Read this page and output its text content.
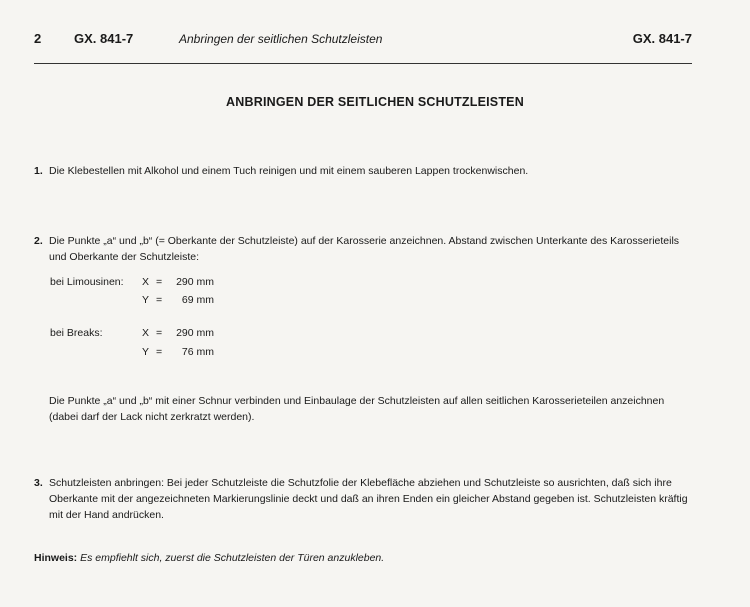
2	GX. 841-7	Anbringen der seitlichen Schutzleisten	GX. 841-7
ANBRINGEN DER SEITLICHEN SCHUTZLEISTEN
1. Die Klebestellen mit Alkohol und einem Tuch reinigen und mit einem sauberen Lappen trockenwischen.
2. Die Punkte „a“ und „b“ (= Oberkante der Schutzleiste) auf der Karosserie anzeichnen. Abstand zwischen Unterkante des Karosserieteils und Oberkante der Schutzleiste:
bei Limousinen: X = 290 mm
Y =	69 mm
bei Breaks:	X = 290 mm
Y =	76 mm
Die Punkte „a“ und „b“ mit einer Schnur verbinden und Einbaulage der Schutzleisten auf allen seitlichen Karosserieteilen anzeichnen (dabei darf der Lack nicht zerkratzt werden).
3. Schutzleisten anbringen: Bei jeder Schutzleiste die Schutzfolie der Klebefläche abziehen und Schutzleiste so ausrichten, daß sich ihre Oberkante mit der angezeichneten Markierungslinie deckt und daß an ihren Enden ein gleicher Abstand gegeben ist. Schutzleisten kräftig mit der Hand andrücken.
Hinweis: Es empfiehlt sich, zuerst die Schutzleisten der Türen anzukleben.
